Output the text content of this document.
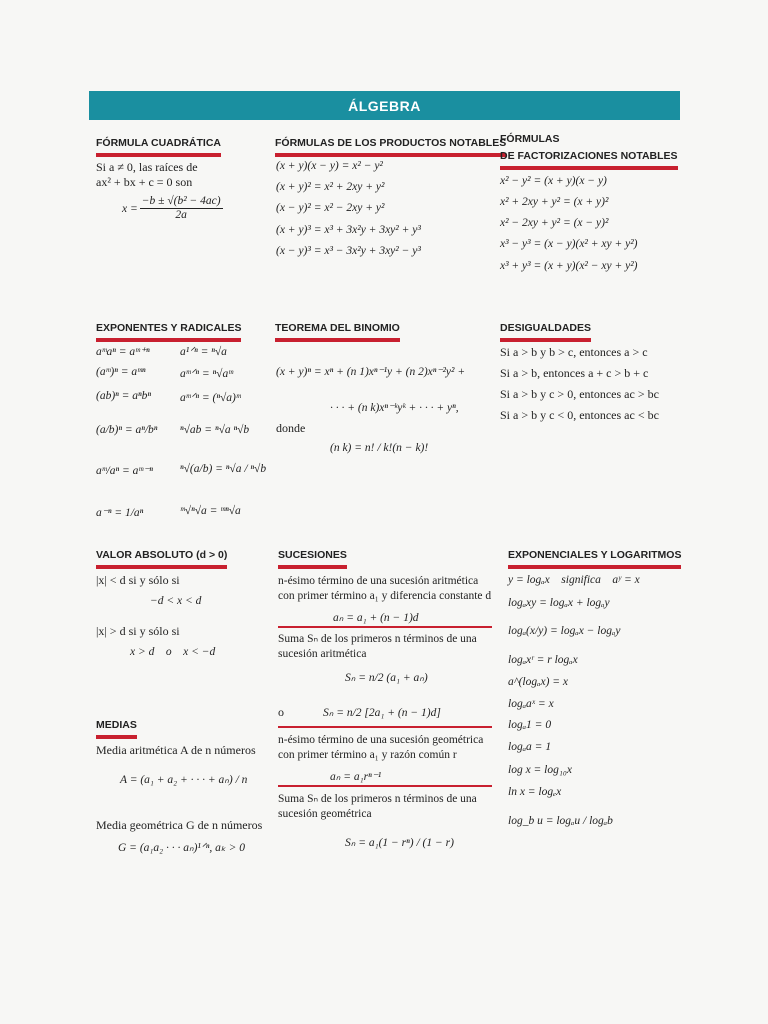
ÁLGEBRA
FÓRMULA CUADRÁTICA
Si a ≠ 0, las raíces de
ax² + bx + c = 0 son
$x = \frac{\text{−b ± √(b² − 4ac)}}{2a}$
FÓRMULAS DE LOS PRODUCTOS NOTABLES
(x + y)(x − y) = x² − y²
(x + y)² = x² + 2xy + y²
(x − y)² = x² − 2xy + y²
(x + y)³ = x³ + 3x²y + 3xy² + y³
(x − y)³ = x³ − 3x²y + 3xy² − y³
FÓRMULAS
DE FACTORIZACIONES NOTABLES
x² − y² = (x + y)(x − y)
x² + 2xy + y² = (x + y)²
x² − 2xy + y² = (x − y)²
x³ − y³ = (x − y)(x² + xy + y²)
x³ + y³ = (x + y)(x² − xy + y²)
EXPONENTES Y RADICALES
aᵐaⁿ = aᵐ⁺ⁿ
(aᵐ)ⁿ = aᵐⁿ
(ab)ⁿ = aⁿbⁿ
(a/b)ⁿ = aⁿ/bⁿ
aᵐ/aⁿ = aᵐ⁻ⁿ
a⁻ⁿ = 1/aⁿ
a¹ᐟⁿ = ⁿ√a
aᵐᐟⁿ = ⁿ√aᵐ
aᵐᐟⁿ = (ⁿ√a)ᵐ
ⁿ√ab = ⁿ√a ⁿ√b
ⁿ√(a/b) = ⁿ√a / ⁿ√b
ᵐ√ⁿ√a = ᵐⁿ√a
TEOREMA DEL BINOMIO
(x + y)ⁿ = xⁿ + (n 1)xⁿ⁻¹y + (n 2)xⁿ⁻²y² +
· · · + (n k)xⁿ⁻ᵏyᵏ + · · · + yⁿ,
donde
(n k) = n! / k!(n − k)!
DESIGUALDADES
Si a > b y b > c, entonces a > c
Si a > b, entonces a + c > b + c
Si a > b y c > 0, entonces ac > bc
Si a > b y c < 0, entonces ac < bc
VALOR ABSOLUTO (d > 0)
|x| < d si y sólo si
−d < x < d
|x| > d si y sólo si
x > d    o    x < −d
MEDIAS
Media aritmética A de n números
A = (a₁ + a₂ + · · · + aₙ) / n
Media geométrica G de n números
G = (a₁a₂ · · · aₙ)¹ᐟⁿ, aₖ > 0
SUCESIONES
n-ésimo término de una sucesión aritmética
con primer término a₁ y diferencia constante d
aₙ = a₁ + (n − 1)d
Suma Sₙ de los primeros n términos de una
sucesión aritmética
Sₙ = n/2 (a₁ + aₙ)
o	Sₙ = n/2 [2a₁ + (n − 1)d]
n-ésimo término de una sucesión geométrica
con primer término a₁ y razón común r
aₙ = a₁rⁿ⁻¹
Suma Sₙ de los primeros n términos de una
sucesión geométrica
Sₙ = a₁(1 − rⁿ) / (1 − r)
EXPONENCIALES Y LOGARITMOS
y = logₐx    significa    aʸ = x
logₐxy = logₐx + logₐy
logₐ(x/y) = logₐx − logₐy
logₐxʳ = r logₐx
a^(logₐx) = x
logₐaˣ = x
logₐ1 = 0
logₐa = 1
log x = log₁₀x
ln x = logₑx
log_b u = logₐu / logₐb
